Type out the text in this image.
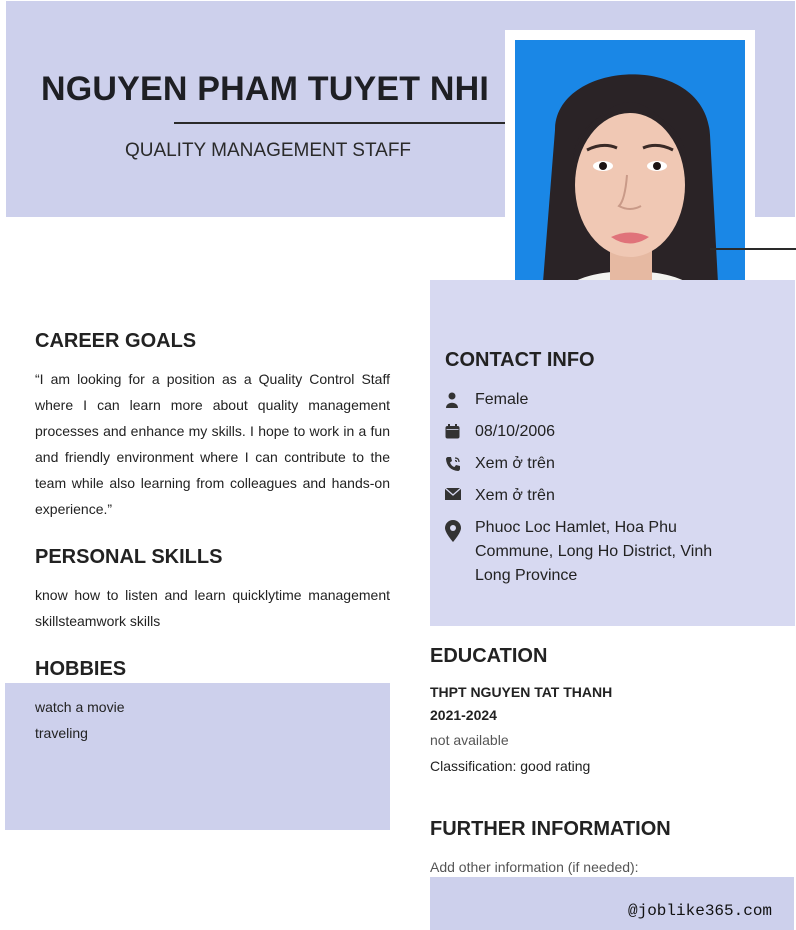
NGUYEN PHAM TUYET NHI
QUALITY MANAGEMENT STAFF
CONTACT INFO
Female
08/10/2006
Xem ở trên
Xem ở trên
Phuoc Loc Hamlet, Hoa Phu Commune, Long Ho District, Vinh Long Province
CAREER GOALS
“I am looking for a position as a Quality Control Staff where I can learn more about quality management processes and enhance my skills. I hope to work in a fun and friendly environment where I can contribute to the team while also learning from colleagues and hands-on experience.”
PERSONAL SKILLS
know how to listen and learn quicklytime management skillsteamwork skills
HOBBIES
watch a movie
traveling
EDUCATION
THPT NGUYEN TAT THANH
2021-2024
not available
Classification: good rating
FURTHER INFORMATION
Add other information (if needed):
@joblike365.com
